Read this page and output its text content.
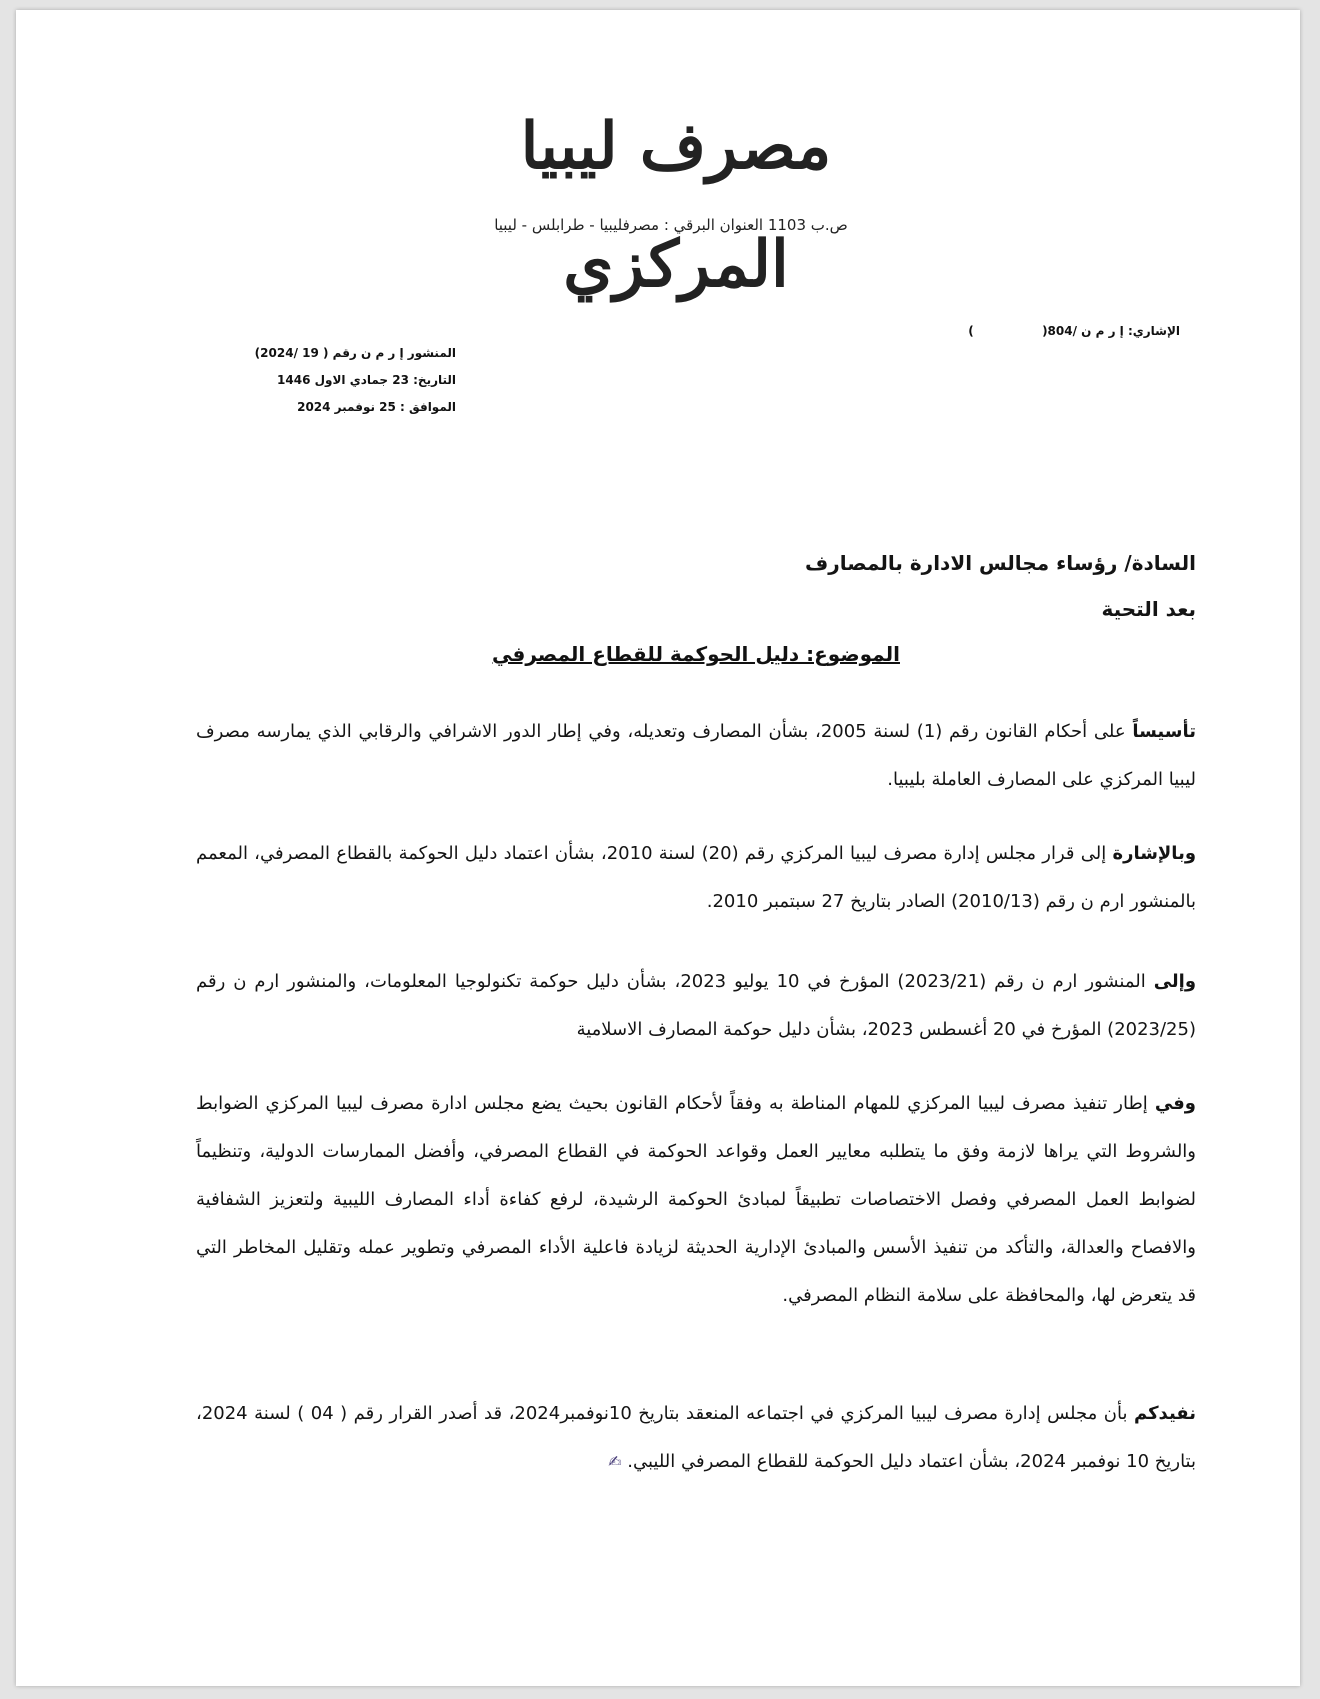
مصرف ليبيا المركزي
ص.ب 1103 العنوان البرقي : مصرفليبيا - طرابلس - ليبيا
الإشاري: إ ر م ن /804(  )
المنشور إ ر م ن رقم ( 19 /2024)
التاريخ: 23 جمادي الاول 1446
الموافق : 25 نوفمبر 2024
السادة/ رؤساء مجالس الادارة بالمصارف
بعد التحية
الموضوع: دليل الحوكمة للقطاع المصرفي
تأسيساً على أحكام القانون رقم (1) لسنة 2005، بشأن المصارف وتعديله، وفي إطار الدور الاشرافي والرقابي الذي يمارسه مصرف ليبيا المركزي على المصارف العاملة بليبيا.
وبالإشارة إلى قرار مجلس إدارة مصرف ليبيا المركزي رقم (20) لسنة 2010، بشأن اعتماد دليل الحوكمة بالقطاع المصرفي، المعمم بالمنشور ارم ن رقم (2010/13) الصادر بتاريخ 27 سبتمبر 2010.
وإلى المنشور ارم ن رقم (2023/21) المؤرخ في 10 يوليو 2023، بشأن دليل حوكمة تكنولوجيا المعلومات، والمنشور ارم ن رقم (2023/25) المؤرخ في 20 أغسطس 2023، بشأن دليل حوكمة المصارف الاسلامية
وفي إطار تنفيذ مصرف ليبيا المركزي للمهام المناطة به وفقاً لأحكام القانون بحيث يضع مجلس ادارة مصرف ليبيا المركزي الضوابط والشروط التي يراها لازمة وفق ما يتطلبه معايير العمل وقواعد الحوكمة في القطاع المصرفي، وأفضل الممارسات الدولية، وتنظيماً لضوابط العمل المصرفي وفصل الاختصاصات تطبيقاً لمبادئ الحوكمة الرشيدة، لرفع كفاءة أداء المصارف الليبية ولتعزيز الشفافية والافصاح والعدالة، والتأكد من تنفيذ الأسس والمبادئ الإدارية الحديثة لزيادة فاعلية الأداء المصرفي وتطوير عمله وتقليل المخاطر التي قد يتعرض لها، والمحافظة على سلامة النظام المصرفي.
نفيدكم بأن مجلس إدارة مصرف ليبيا المركزي في اجتماعه المنعقد بتاريخ 10نوفمبر2024، قد أصدر القرار رقم ( 04 ) لسنة 2024، بتاريخ 10 نوفمبر 2024، بشأن اعتماد دليل الحوكمة للقطاع المصرفي الليبي. ✍
